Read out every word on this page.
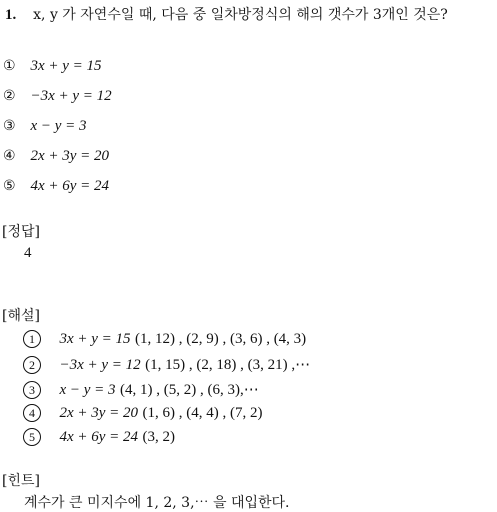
1. x, y 가 자연수일 때, 다음 중 일차방정식의 해의 갯수가 3개인 것은?
① 3x + y = 15
② −3x + y = 12
③ x − y = 3
④ 2x + 3y = 20
⑤ 4x + 6y = 24
[정답]
4
[해설]
1 3x + y = 15 (1, 12) , (2, 9) , (3, 6) , (4, 3)
2 −3x + y = 12 (1, 15) , (2, 18) , (3, 21) ,⋯
3 x − y = 3 (4, 1) , (5, 2) , (6, 3),⋯
4 2x + 3y = 20 (1, 6) , (4, 4) , (7, 2)
5 4x + 6y = 24 (3, 2)
[힌트]
계수가 큰 미지수에 1, 2, 3,⋯ 을 대입한다.
